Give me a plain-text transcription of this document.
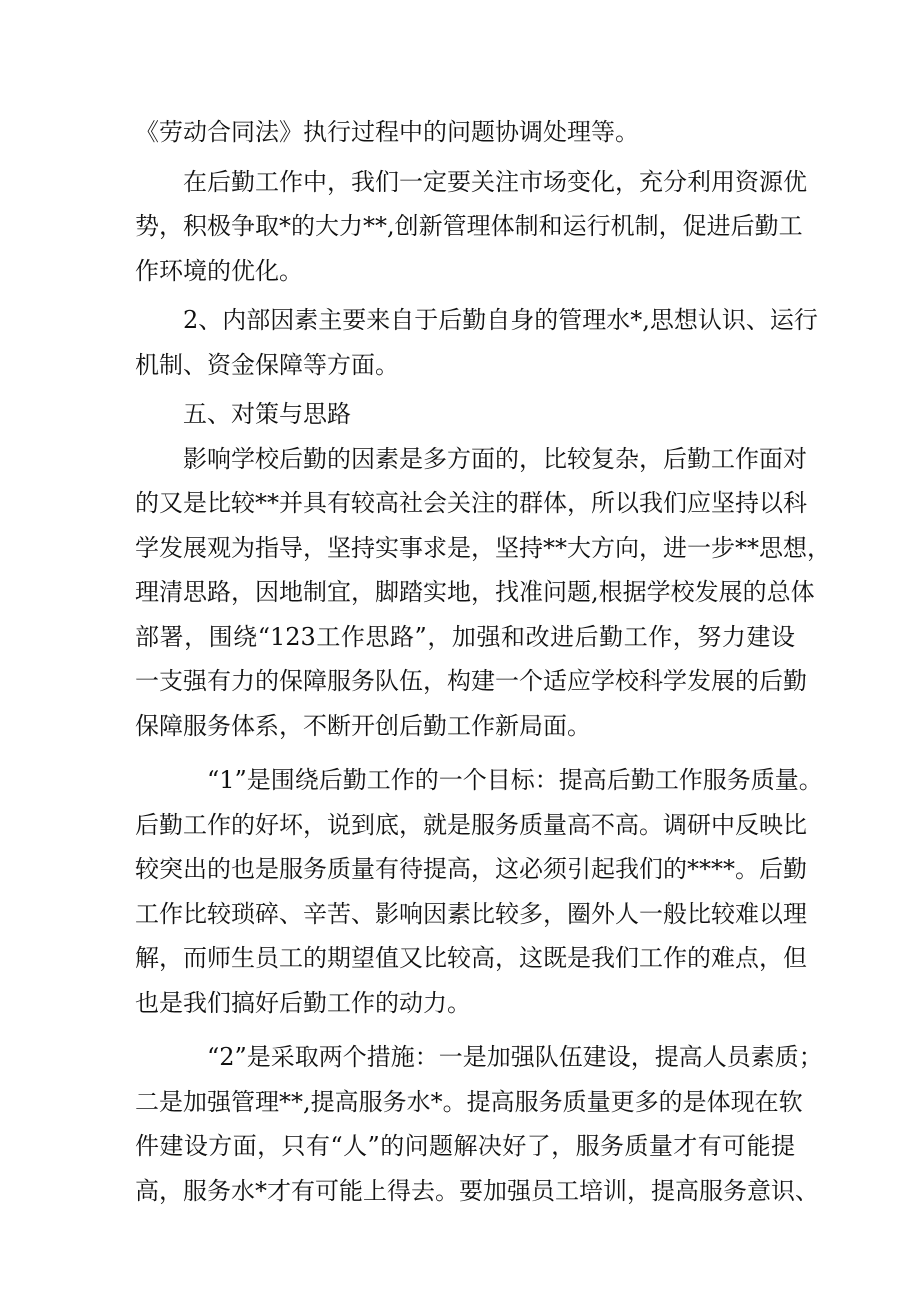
《劳动合同法》执行过程中的问题协调处理等。
在后勤工作中，我们一定要关注市场变化，充分利用资源优
势，积极争取*的大力**,创新管理体制和运行机制，促进后勤工
作环境的优化。
2、内部因素主要来自于后勤自身的管理水*,思想认识、运行
机制、资金保障等方面。
五、对策与思路
影响学校后勤的因素是多方面的，比较复杂，后勤工作面对
的又是比较**并具有较高社会关注的群体，所以我们应坚持以科
学发展观为指导，坚持实事求是，坚持**大方向，进一步**思想，
理清思路，因地制宜，脚踏实地，找准问题,根据学校发展的总体
部署，围绕“123工作思路”，加强和改进后勤工作，努力建设
一支强有力的保障服务队伍，构建一个适应学校科学发展的后勤
保障服务体系，不断开创后勤工作新局面。
“1”是围绕后勤工作的一个目标：提高后勤工作服务质量。
后勤工作的好坏，说到底，就是服务质量高不高。调研中反映比
较突出的也是服务质量有待提高，这必须引起我们的****。后勤
工作比较琐碎、辛苦、影响因素比较多，圈外人一般比较难以理
解，而师生员工的期望值又比较高，这既是我们工作的难点，但
也是我们搞好后勤工作的动力。
“2”是采取两个措施：一是加强队伍建设，提高人员素质；
二是加强管理**,提高服务水*。提高服务质量更多的是体现在软
件建设方面，只有“人”的问题解决好了，服务质量才有可能提
高，服务水*才有可能上得去。要加强员工培训，提高服务意识、
